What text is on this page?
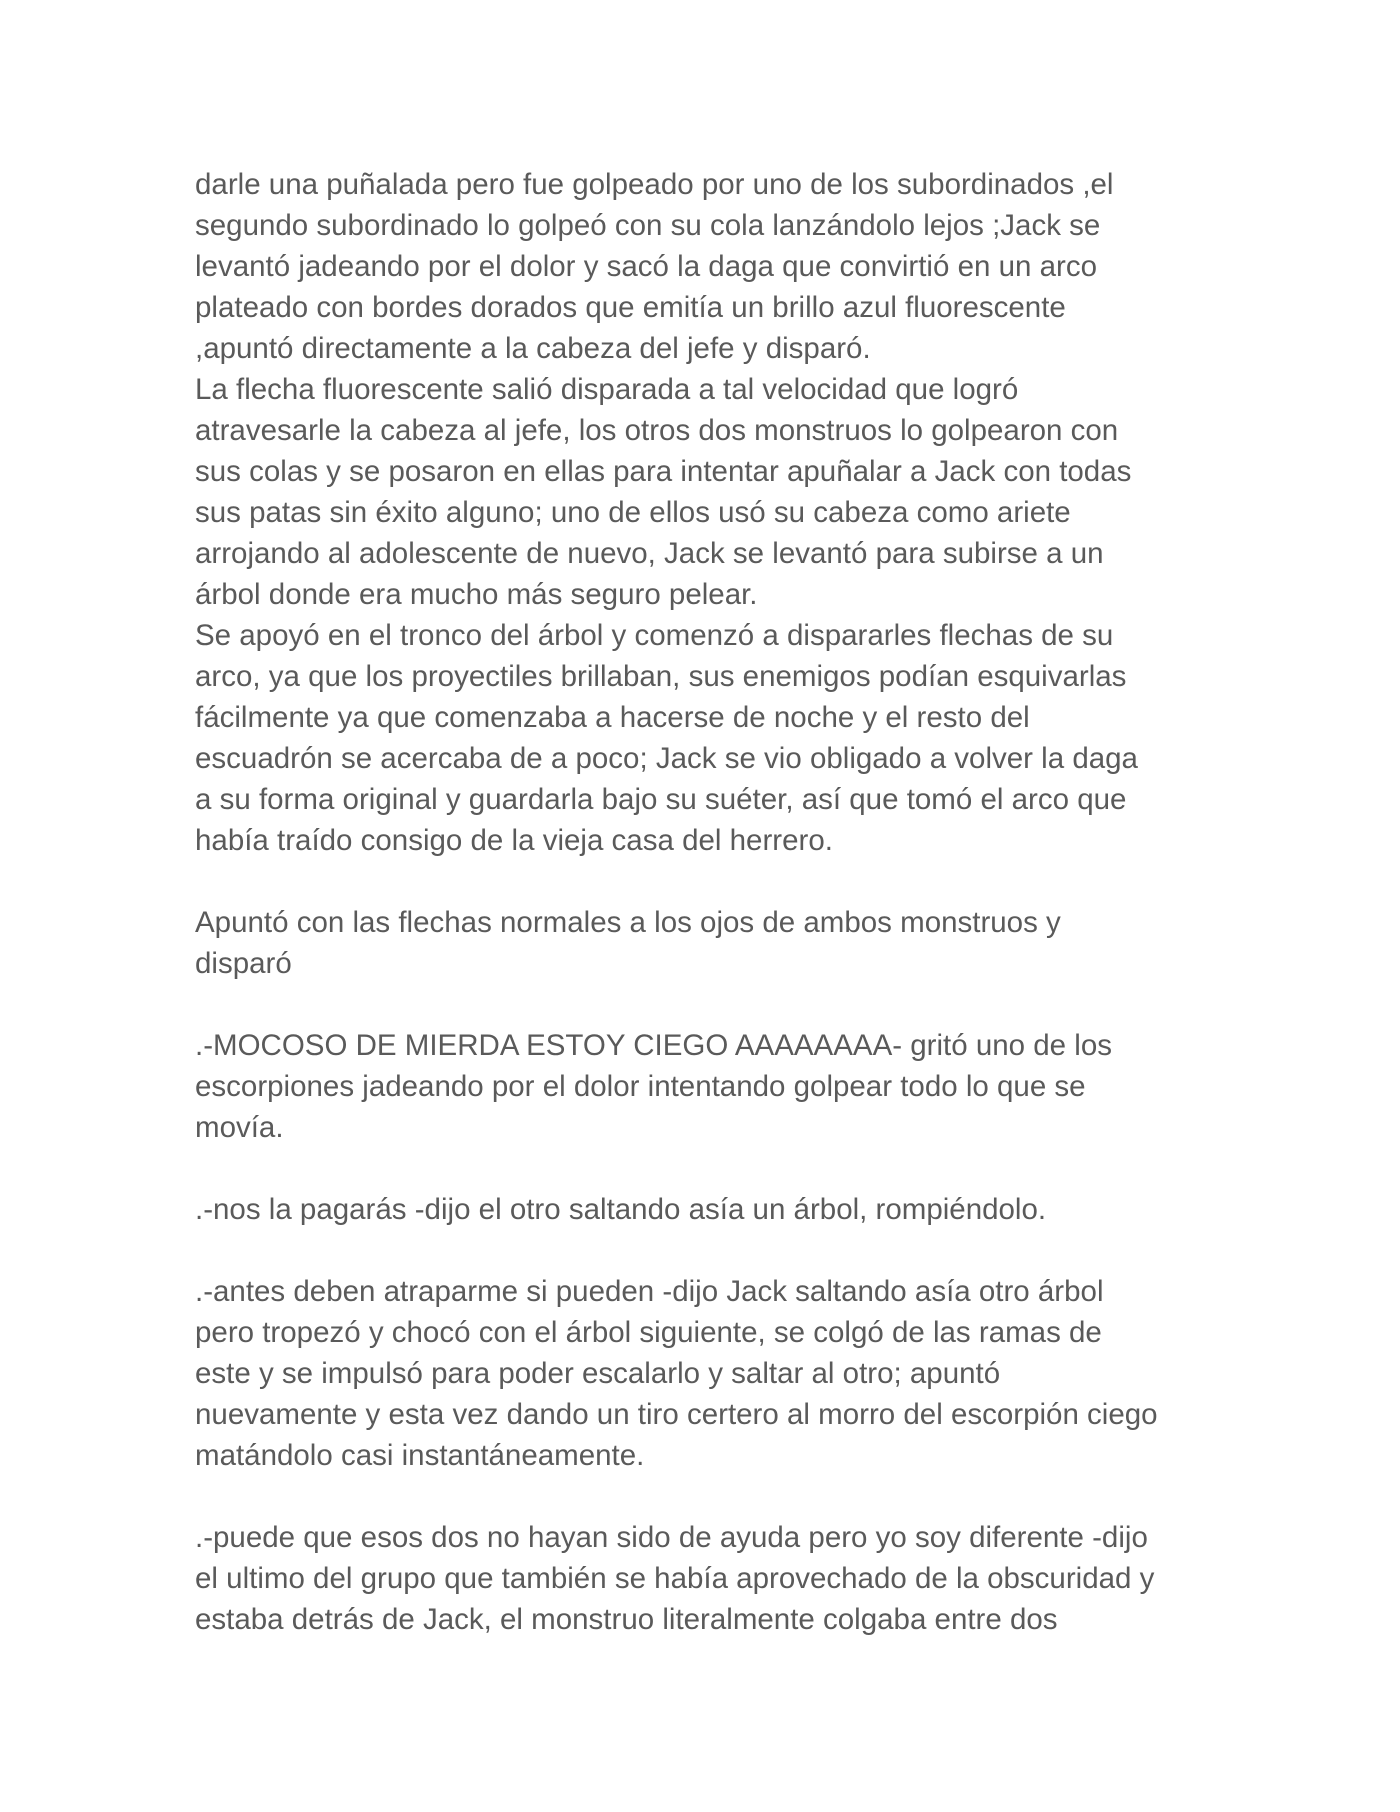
darle una puñalada pero fue golpeado por uno de los subordinados ,el
segundo subordinado lo golpeó con su cola lanzándolo lejos ;Jack se
levantó jadeando por el dolor y sacó la daga que convirtió en un arco
plateado con bordes dorados que emitía un brillo azul fluorescente
,apuntó directamente a la cabeza del jefe y disparó.
La flecha fluorescente salió disparada a tal velocidad que logró
atravesarle la cabeza al jefe, los otros dos monstruos lo golpearon con
sus colas y se posaron en ellas para intentar apuñalar a Jack con todas
sus patas sin éxito alguno; uno de ellos usó su cabeza como ariete
arrojando al adolescente de nuevo, Jack se levantó para subirse a un
árbol donde era mucho más seguro pelear.
Se apoyó en el tronco del árbol y comenzó a dispararles flechas de su
arco, ya que los proyectiles brillaban, sus enemigos podían esquivarlas
fácilmente ya que comenzaba a hacerse de noche y el resto del
escuadrón se acercaba de a poco; Jack se vio obligado a volver la daga
a su forma original y guardarla bajo su suéter, así que tomó el arco que
había traído consigo de la vieja casa del herrero.
Apuntó con las flechas normales a los ojos de ambos monstruos y
disparó
.-MOCOSO DE MIERDA ESTOY CIEGO AAAAAAAA- gritó uno de los
escorpiones jadeando por el dolor intentando golpear todo lo que se
movía.
.-nos la pagarás -dijo el otro saltando asía un árbol, rompiéndolo.
.-antes deben atraparme si pueden -dijo Jack saltando asía otro árbol
pero tropezó y chocó con el árbol siguiente, se colgó de las ramas de
este y se impulsó para poder escalarlo y saltar al otro; apuntó
nuevamente y esta vez dando un tiro certero al morro del escorpión ciego
matándolo casi instantáneamente.
.-puede que esos dos no hayan sido de ayuda pero yo soy diferente -dijo
el ultimo del grupo que también se había aprovechado de la obscuridad y
estaba detrás de Jack, el monstruo literalmente colgaba entre dos
